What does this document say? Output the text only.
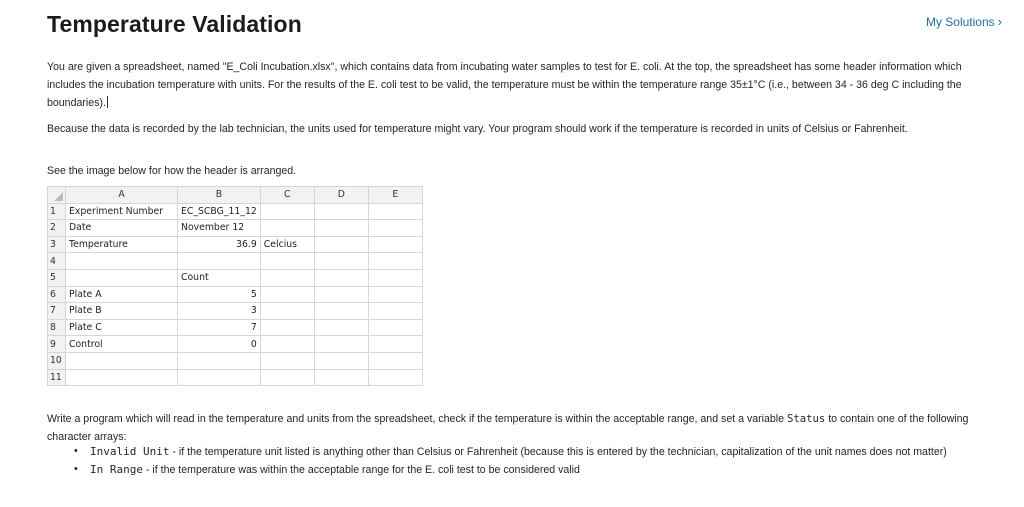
Temperature Validation	My Solutions ›

You are given a spreadsheet, named "E_Coli Incubation.xlsx", which contains data from incubating water samples to test for E. coli. At the top, the spreadsheet has some header information which includes the incubation temperature with units. For the results of the E. coli test to be valid, the temperature must be within the temperature range 35±1°C (i.e., between 34 - 36 deg C including the boundaries).

Because the data is recorded by the lab technician, the units used for temperature might vary. Your program should work if the temperature is recorded in units of Celsius or Fahrenheit.

See the image below for how the header is arranged.

	A	B	C	D	E
1	Experiment Number	EC_SCBG_11_12			
2	Date	November 12			
3	Temperature	36.9	Celcius		
4					
5		Count			
6	Plate A	5			
7	Plate B	3			
8	Plate C	7			
9	Control	0			
10					
11					

Write a program which will read in the temperature and units from the spreadsheet, check if the temperature is within the acceptable range, and set a variable Status to contain one of the following character arrays:

• Invalid Unit - if the temperature unit listed is anything other than Celsius or Fahrenheit (because this is entered by the technician, capitalization of the unit names does not matter)
• In Range - if the temperature was within the acceptable range for the E. coli test to be considered valid
